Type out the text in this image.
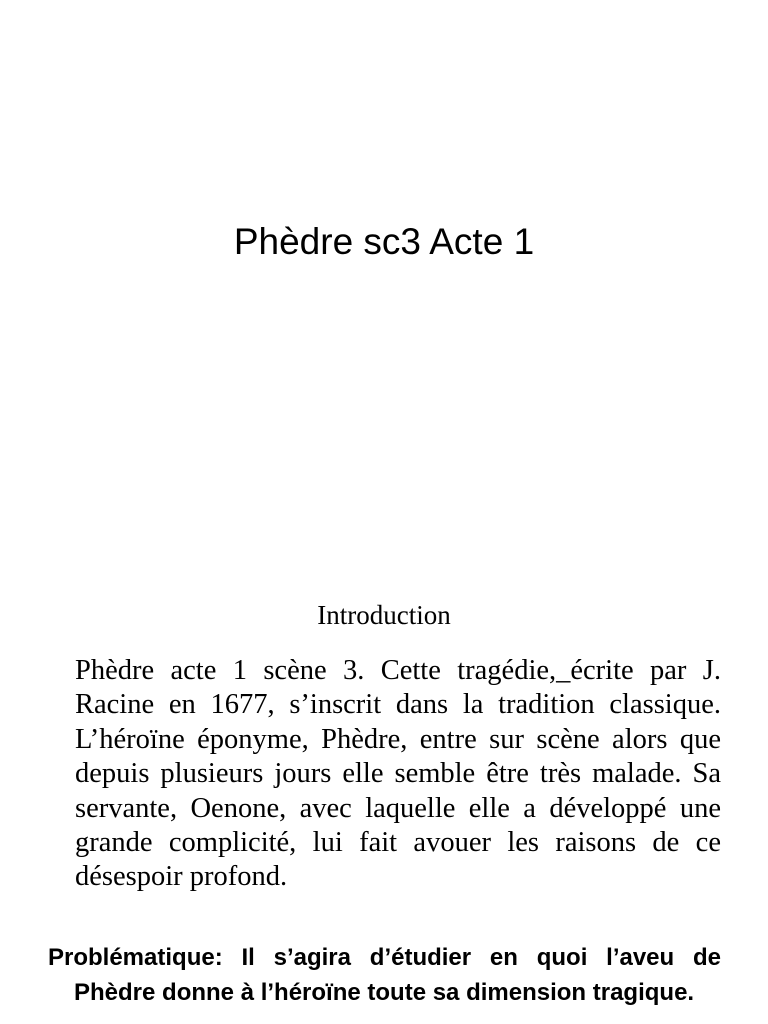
Phèdre sc3 Acte 1
Introduction

Phèdre acte 1 scène 3. Cette tragédie,_écrite par J. Racine en 1677, s’inscrit dans la tradition classique. L’héroïne éponyme, Phèdre, entre sur scène alors que depuis plusieurs jours elle semble être très malade. Sa servante, Oenone, avec laquelle elle a développé une grande complicité, lui fait avouer les raisons de ce désespoir profond.

Problématique: Il s’agira d’étudier en quoi l’aveu de Phèdre donne à l’héroïne toute sa dimension tragique.
